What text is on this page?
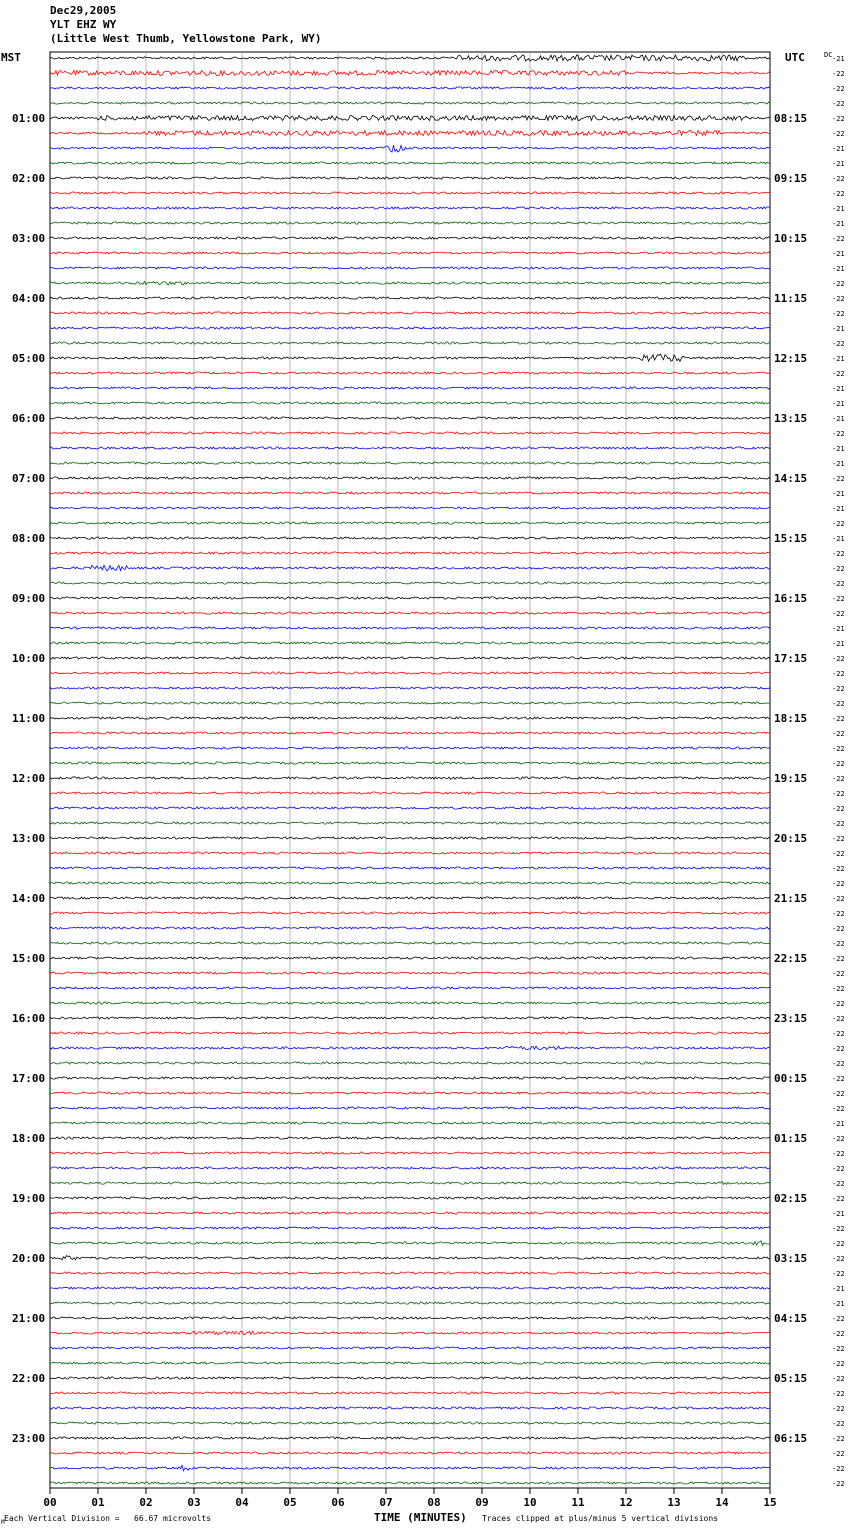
Dec29,2005
YLT EHZ WY
(Little West Thumb, Yellowstone Park, WY)
MST	UTC	-21
-22
-22
-22
-22
-22
-21
-21
-22
-22
-21
-21
-22
-21
-21
-22
-22
-22
-21
-22
-21
-22
-21
-21
-21
-22
-21
-21
-22
-21
-21
-22
-21
-22
-22
-22
-22
-22
-21
-21
-22
-22
-22
-22
-22
-22
-22
-22
-22
-22
-22
-22
-22
-22
-22
-22
-22
-22
-22
-22
-22
-22
-22
-22
-22
-22
-22
-22
-22
-22
-22
-21
-22
-22
-22
-22
-22
-21
-22
-22
-22
-22
-21
-21
-22
-22
-22
-22
-22
-22
-22
-22
-22
-22
-22
-22
DC
01:00
02:00
03:00
04:00
05:00
06:00
07:00
08:00
09:00
10:00
11:00
12:00
13:00
14:00
15:00
16:00
17:00
18:00
19:00
20:00
21:00
22:00
23:00
08:15
09:15
10:15
11:15
12:15
13:15
14:15
15:15
16:15
17:15
18:15
19:15
20:15
21:15
22:15
23:15
00:15
01:15
02:15
03:15
04:15
05:15
06:15
00	01	02	03	04	05	06	07	08	09	10	11	12	13	14	15
M	TIME (MINUTES)
Each Vertical Division =   66.67 microvolts	Traces clipped at plus/minus 5 vertical divisions
